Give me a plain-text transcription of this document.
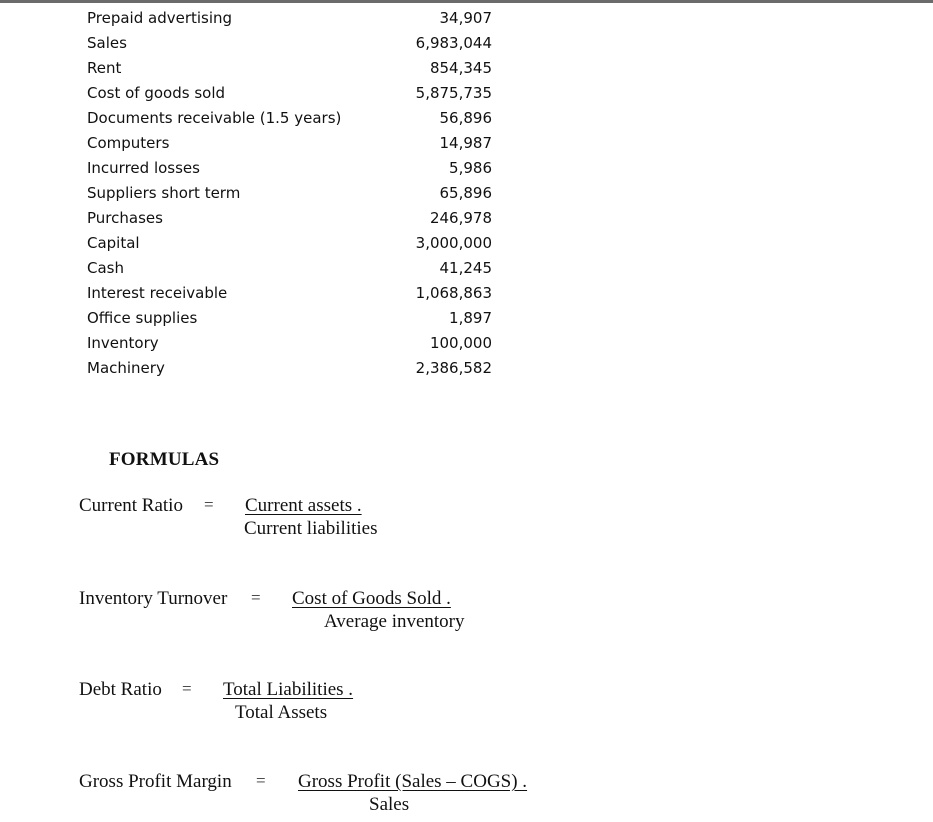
Prepaid advertising	34,907
Sales	6,983,044
Rent	854,345
Cost of goods sold	5,875,735
Documents receivable (1.5 years)	56,896
Computers	14,987
Incurred losses	5,986
Suppliers short term	65,896
Purchases	246,978
Capital	3,000,000
Cash	41,245
Interest receivable	1,068,863
Office supplies	1,897
Inventory	100,000
Machinery	2,386,582
FORMULAS
Current Ratio =	Current assets .
Current liabilities
Inventory Turnover =	Cost of Goods Sold .
Average inventory
Debt Ratio =	Total Liabilities .
Total Assets
Gross Profit Margin =	Gross Profit (Sales – COGS) .
Sales
